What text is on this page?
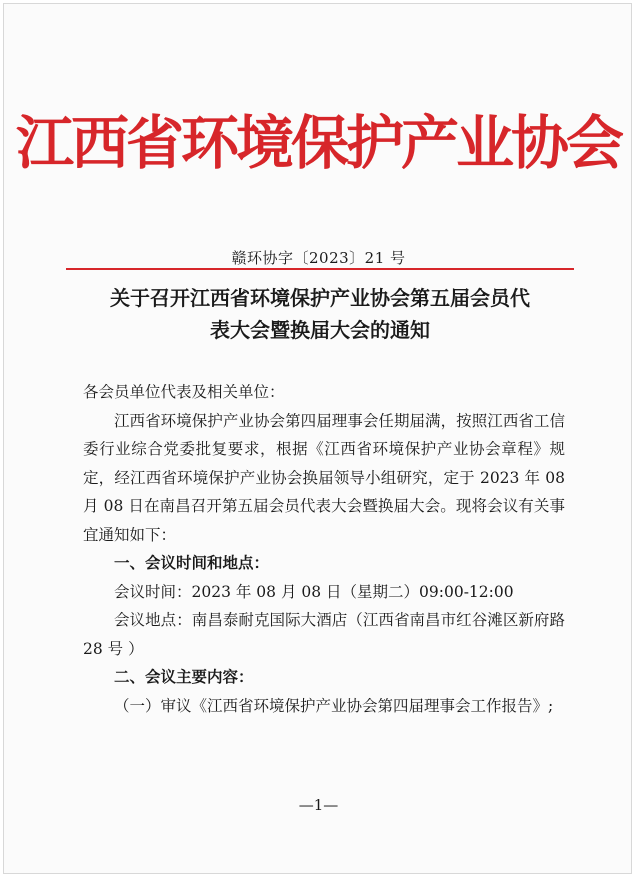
江西省环境保护产业协会
赣环协字〔2023〕21 号
关于召开江西省环境保护产业协会第五届会员代
表大会暨换届大会的通知

各会员单位代表及相关单位：

江西省环境保护产业协会第四届理事会任期届满，按照江西省工信委行业综合党委批复要求，根据《江西省环境保护产业协会章程》规定，经江西省环境保护产业协会换届领导小组研究，定于 2023 年 08 月 08 日在南昌召开第五届会员代表大会暨换届大会。现将会议有关事宜通知如下：

一、会议时间和地点：

会议时间：2023 年 08 月 08 日（星期二）09:00-12:00

会议地点：南昌泰耐克国际大酒店（江西省南昌市红谷滩区新府路 28 号 ）

二、会议主要内容：

（一）审议《江西省环境保护产业协会第四届理事会工作报告》;

—1—
